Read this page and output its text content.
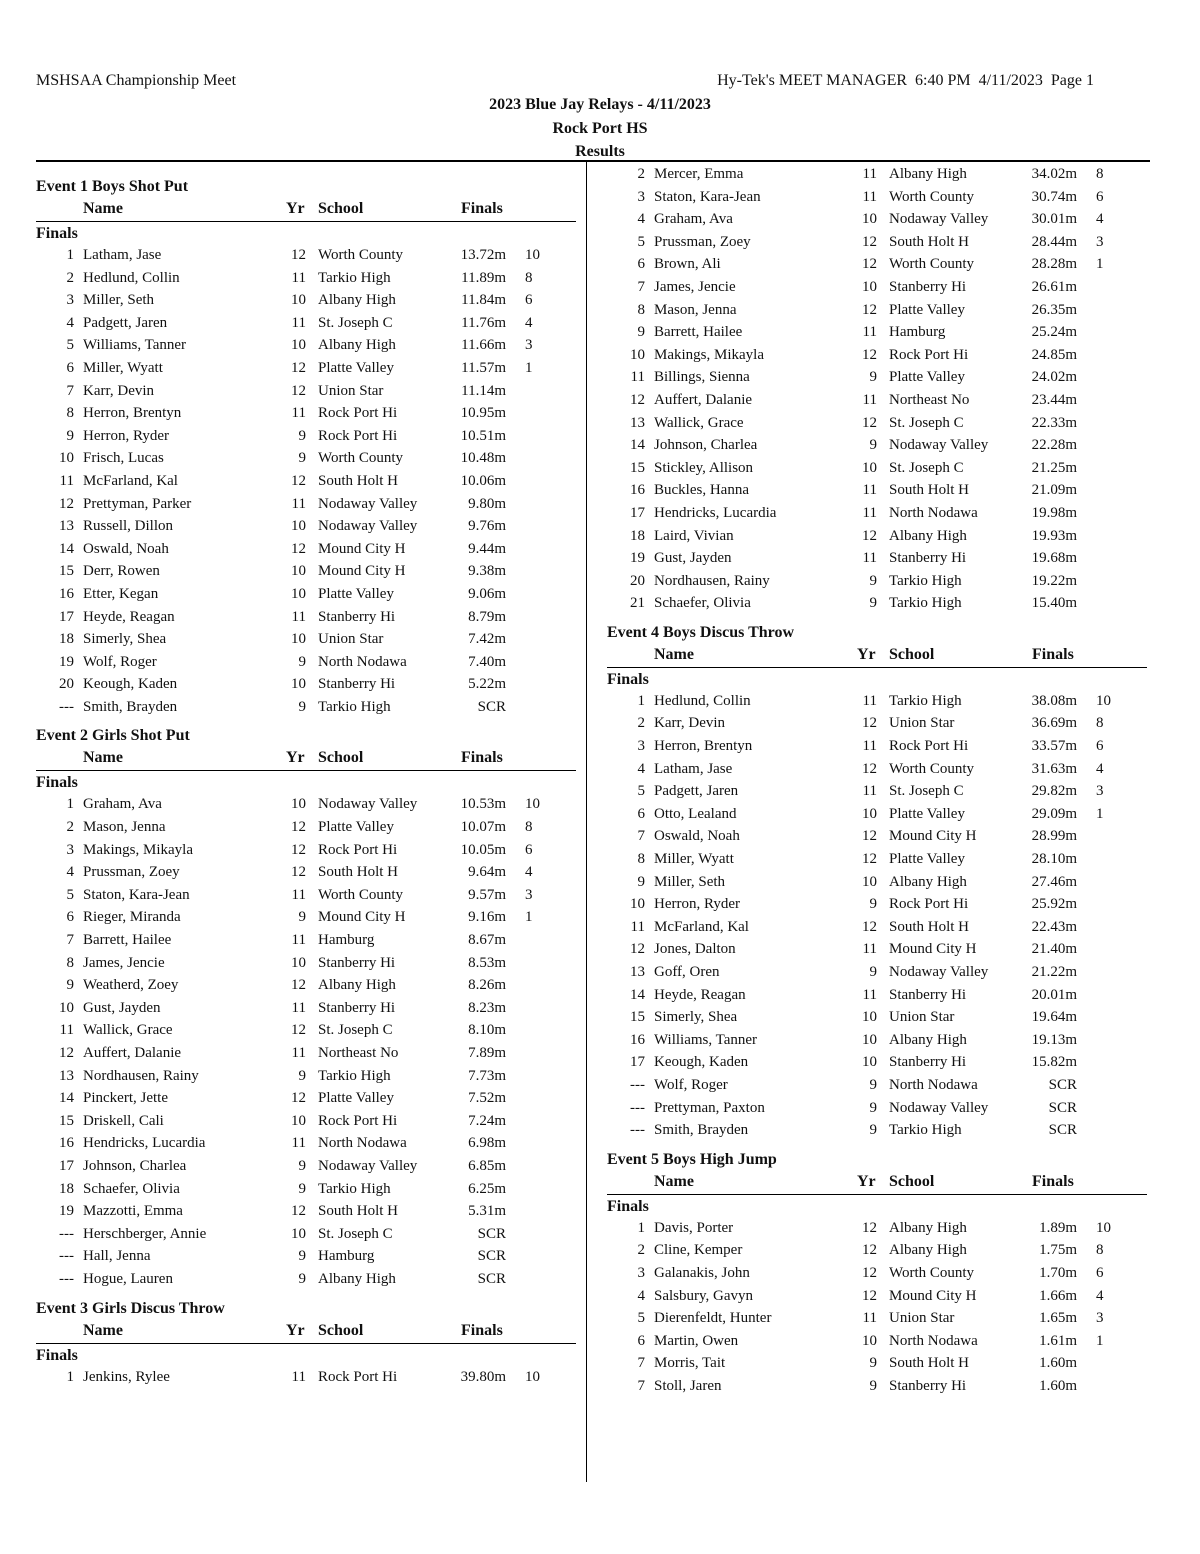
MSHSAA Championship Meet	Hy-Tek's MEET MANAGER  6:40 PM  4/11/2023  Page 1
2023 Blue Jay Relays - 4/11/2023
Rock Port HS
Results
Event 1 Boys Shot Put
Name	Yr School	Finals
Finals
1 Latham, Jase	12 Worth County	13.72m 10
2 Hedlund, Collin	11 Tarkio High	11.89m 8
3 Miller, Seth	10 Albany High	11.84m 6
4 Padgett, Jaren	11 St. Joseph C	11.76m 4
5 Williams, Tanner	10 Albany High	11.66m 3
6 Miller, Wyatt	12 Platte Valley	11.57m 1
7 Karr, Devin	12 Union Star	11.14m
8 Herron, Brentyn	11 Rock Port Hi	10.95m
9 Herron, Ryder	9 Rock Port Hi	10.51m
10 Frisch, Lucas	9 Worth County	10.48m
11 McFarland, Kal	12 South Holt H	10.06m
12 Prettyman, Parker	11 Nodaway Valley	9.80m
13 Russell, Dillon	10 Nodaway Valley	9.76m
14 Oswald, Noah	12 Mound City H	9.44m
15 Derr, Rowen	10 Mound City H	9.38m
16 Etter, Kegan	10 Platte Valley	9.06m
17 Heyde, Reagan	11 Stanberry Hi	8.79m
18 Simerly, Shea	10 Union Star	7.42m
19 Wolf, Roger	9 North Nodawa	7.40m
20 Keough, Kaden	10 Stanberry Hi	5.22m
--- Smith, Brayden	9 Tarkio High	SCR
Event 2 Girls Shot Put
Name	Yr School	Finals
Finals
1 Graham, Ava	10 Nodaway Valley	10.53m 10
2 Mason, Jenna	12 Platte Valley	10.07m 8
3 Makings, Mikayla	12 Rock Port Hi	10.05m 6
4 Prussman, Zoey	12 South Holt H	9.64m 4
5 Staton, Kara-Jean	11 Worth County	9.57m 3
6 Rieger, Miranda	9 Mound City H	9.16m 1
7 Barrett, Hailee	11 Hamburg	8.67m
8 James, Jencie	10 Stanberry Hi	8.53m
9 Weatherd, Zoey	12 Albany High	8.26m
10 Gust, Jayden	11 Stanberry Hi	8.23m
11 Wallick, Grace	12 St. Joseph C	8.10m
12 Auffert, Dalanie	11 Northeast No	7.89m
13 Nordhausen, Rainy	9 Tarkio High	7.73m
14 Pinckert, Jette	12 Platte Valley	7.52m
15 Driskell, Cali	10 Rock Port Hi	7.24m
16 Hendricks, Lucardia	11 North Nodawa	6.98m
17 Johnson, Charlea	9 Nodaway Valley	6.85m
18 Schaefer, Olivia	9 Tarkio High	6.25m
19 Mazzotti, Emma	12 South Holt H	5.31m
--- Herschberger, Annie	10 St. Joseph C	SCR
--- Hall, Jenna	9 Hamburg	SCR
--- Hogue, Lauren	9 Albany High	SCR
Event 3 Girls Discus Throw
Name	Yr School	Finals
Finals
1 Jenkins, Rylee	11 Rock Port Hi	39.80m 10
2 Mercer, Emma	11 Albany High	34.02m 8
3 Staton, Kara-Jean	11 Worth County	30.74m 6
4 Graham, Ava	10 Nodaway Valley	30.01m 4
5 Prussman, Zoey	12 South Holt H	28.44m 3
6 Brown, Ali	12 Worth County	28.28m 1
7 James, Jencie	10 Stanberry Hi	26.61m
8 Mason, Jenna	12 Platte Valley	26.35m
9 Barrett, Hailee	11 Hamburg	25.24m
10 Makings, Mikayla	12 Rock Port Hi	24.85m
11 Billings, Sienna	9 Platte Valley	24.02m
12 Auffert, Dalanie	11 Northeast No	23.44m
13 Wallick, Grace	12 St. Joseph C	22.33m
14 Johnson, Charlea	9 Nodaway Valley	22.28m
15 Stickley, Allison	10 St. Joseph C	21.25m
16 Buckles, Hanna	11 South Holt H	21.09m
17 Hendricks, Lucardia	11 North Nodawa	19.98m
18 Laird, Vivian	12 Albany High	19.93m
19 Gust, Jayden	11 Stanberry Hi	19.68m
20 Nordhausen, Rainy	9 Tarkio High	19.22m
21 Schaefer, Olivia	9 Tarkio High	15.40m
Event 4 Boys Discus Throw
Name	Yr School	Finals
Finals
1 Hedlund, Collin	11 Tarkio High	38.08m 10
2 Karr, Devin	12 Union Star	36.69m 8
3 Herron, Brentyn	11 Rock Port Hi	33.57m 6
4 Latham, Jase	12 Worth County	31.63m 4
5 Padgett, Jaren	11 St. Joseph C	29.82m 3
6 Otto, Lealand	10 Platte Valley	29.09m 1
7 Oswald, Noah	12 Mound City H	28.99m
8 Miller, Wyatt	12 Platte Valley	28.10m
9 Miller, Seth	10 Albany High	27.46m
10 Herron, Ryder	9 Rock Port Hi	25.92m
11 McFarland, Kal	12 South Holt H	22.43m
12 Jones, Dalton	11 Mound City H	21.40m
13 Goff, Oren	9 Nodaway Valley	21.22m
14 Heyde, Reagan	11 Stanberry Hi	20.01m
15 Simerly, Shea	10 Union Star	19.64m
16 Williams, Tanner	10 Albany High	19.13m
17 Keough, Kaden	10 Stanberry Hi	15.82m
--- Wolf, Roger	9 North Nodawa	SCR
--- Prettyman, Paxton	9 Nodaway Valley	SCR
--- Smith, Brayden	9 Tarkio High	SCR
Event 5 Boys High Jump
Name	Yr School	Finals
Finals
1 Davis, Porter	12 Albany High	1.89m 10
2 Cline, Kemper	12 Albany High	1.75m 8
3 Galanakis, John	12 Worth County	1.70m 6
4 Salsbury, Gavyn	12 Mound City H	1.66m 4
5 Dierenfeldt, Hunter	11 Union Star	1.65m 3
6 Martin, Owen	10 North Nodawa	1.61m 1
7 Morris, Tait	9 South Holt H	1.60m
7 Stoll, Jaren	9 Stanberry Hi	1.60m
